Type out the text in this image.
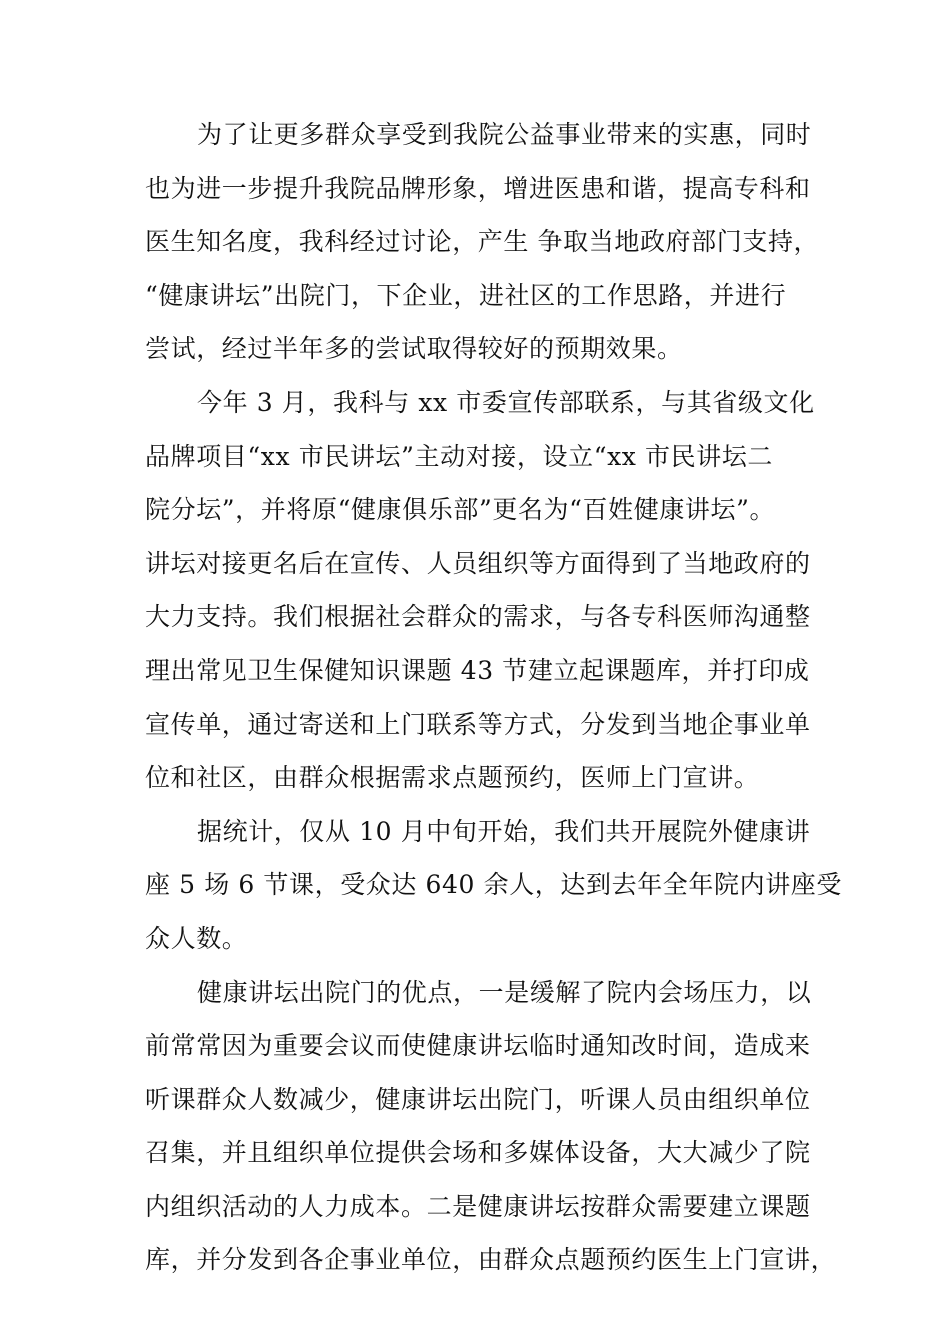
为了让更多群众享受到我院公益事业带来的实惠，同时
也为进一步提升我院品牌形象，增进医患和谐，提高专科和
医生知名度，我科经过讨论，产生 争取当地政府部门支持，
“健康讲坛”出院门，下企业，进社区的工作思路，并进行
尝试，经过半年多的尝试取得较好的预期效果。
今年 3 月，我科与 xx 市委宣传部联系，与其省级文化
品牌项目“xx 市民讲坛”主动对接，设立“xx 市民讲坛二
院分坛”，并将原“健康俱乐部”更名为“百姓健康讲坛”。
讲坛对接更名后在宣传、人员组织等方面得到了当地政府的
大力支持。我们根据社会群众的需求，与各专科医师沟通整
理出常见卫生保健知识课题 43 节建立起课题库，并打印成
宣传单，通过寄送和上门联系等方式，分发到当地企事业单
位和社区，由群众根据需求点题预约，医师上门宣讲。
据统计，仅从 10 月中旬开始，我们共开展院外健康讲
座 5 场 6 节课，受众达 640 余人，达到去年全年院内讲座受
众人数。
健康讲坛出院门的优点，一是缓解了院内会场压力，以
前常常因为重要会议而使健康讲坛临时通知改时间，造成来
听课群众人数减少，健康讲坛出院门，听课人员由组织单位
召集，并且组织单位提供会场和多媒体设备，大大减少了院
内组织活动的人力成本。二是健康讲坛按群众需要建立课题
库，并分发到各企事业单位，由群众点题预约医生上门宣讲，
